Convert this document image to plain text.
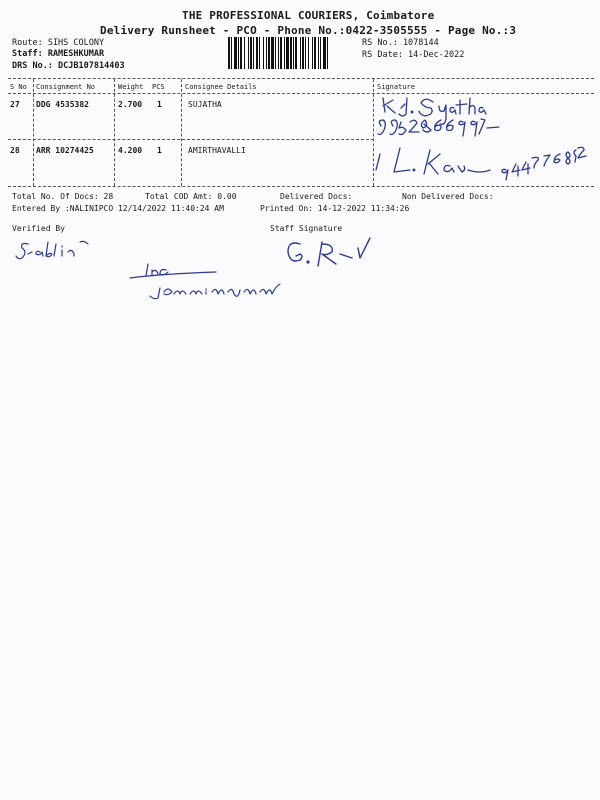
THE PROFESSIONAL COURIERS, Coimbatore
Delivery Runsheet - PCO - Phone No.:0422-3505555 - Page No.:3
Route: SIHS COLONY
Staff: RAMESHKUMAR
DRS No.: DCJB107814403
RS No.: 1078144
RS Date: 14-Dec-2022
S No Consignment No	Weight PCS	Consignee Details	Signature
27 DDG 4535382	2.700 1	SUJATHA
28 ARR 10274425	4.200 1	AMIRTHAVALLI
Total No. Of Docs: 28	Total COD Amt: 0.00	Delivered Docs:	Non Delivered Docs:
Entered By :NALINIPCO 12/14/2022 11:40:24 AM	Printed On: 14-12-2022 11:34:26
Verified By	Staff Signature
